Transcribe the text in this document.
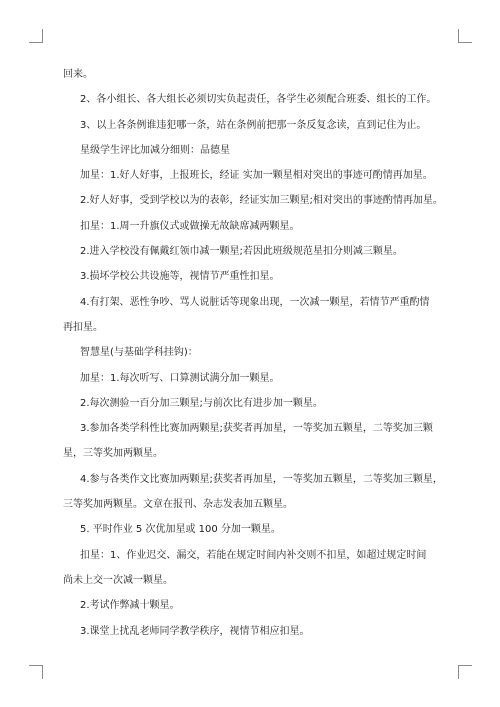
回来。
2、各小组长、各大组长必须切实负起责任，各学生必须配合班委、组长的工作。
3、以上各条例谁违犯哪一条，站在条例前把那一条反复念读，直到记住为止。
星级学生评比加减分细则：品德星
加星：1.好人好事，上报班长，经证 实加一颗星相对突出的事迹可酌情再加星。
2.好人好事，受到学校以为的表彰，经证实加三颗星;相对突出的事迹酌情再加星。
扣星：1.周一升旗仪式或做操无故缺席减两颗星。
2.进入学校没有佩戴红领巾减一颗星;若因此班级规范星扣分则减三颗星。
3.损坏学校公共设施等，视情节严重性扣星。
4.有打架、恶性争吵、骂人说脏话等现象出现，一次减一颗星，若情节严重酌情
再扣星。
智慧星(与基础学科挂钩)：
加星：1.每次听写、口算测试满分加一颗星。
2.每次测验一百分加三颗星;与前次比有进步加一颗星。
3.参加各类学科性比赛加两颗星;获奖者再加星，一等奖加五颗星，二等奖加三颗
星，三等奖加两颗星。
4.参与各类作文比赛加两颗星;获奖者再加星，一等奖加五颗星，二等奖加三颗星，
三等奖加两颗星。文章在报刊、杂志发表加五颗星。
5. 平时作业 5 次优加星或 100 分加一颗星。
扣星：1、作业迟交、漏交，若能在规定时间内补交则不扣星，如超过规定时间
尚未上交一次减一颗星。
2.考试作弊减十颗星。
3.课堂上扰乱老师同学教学秩序，视情节相应扣星。
